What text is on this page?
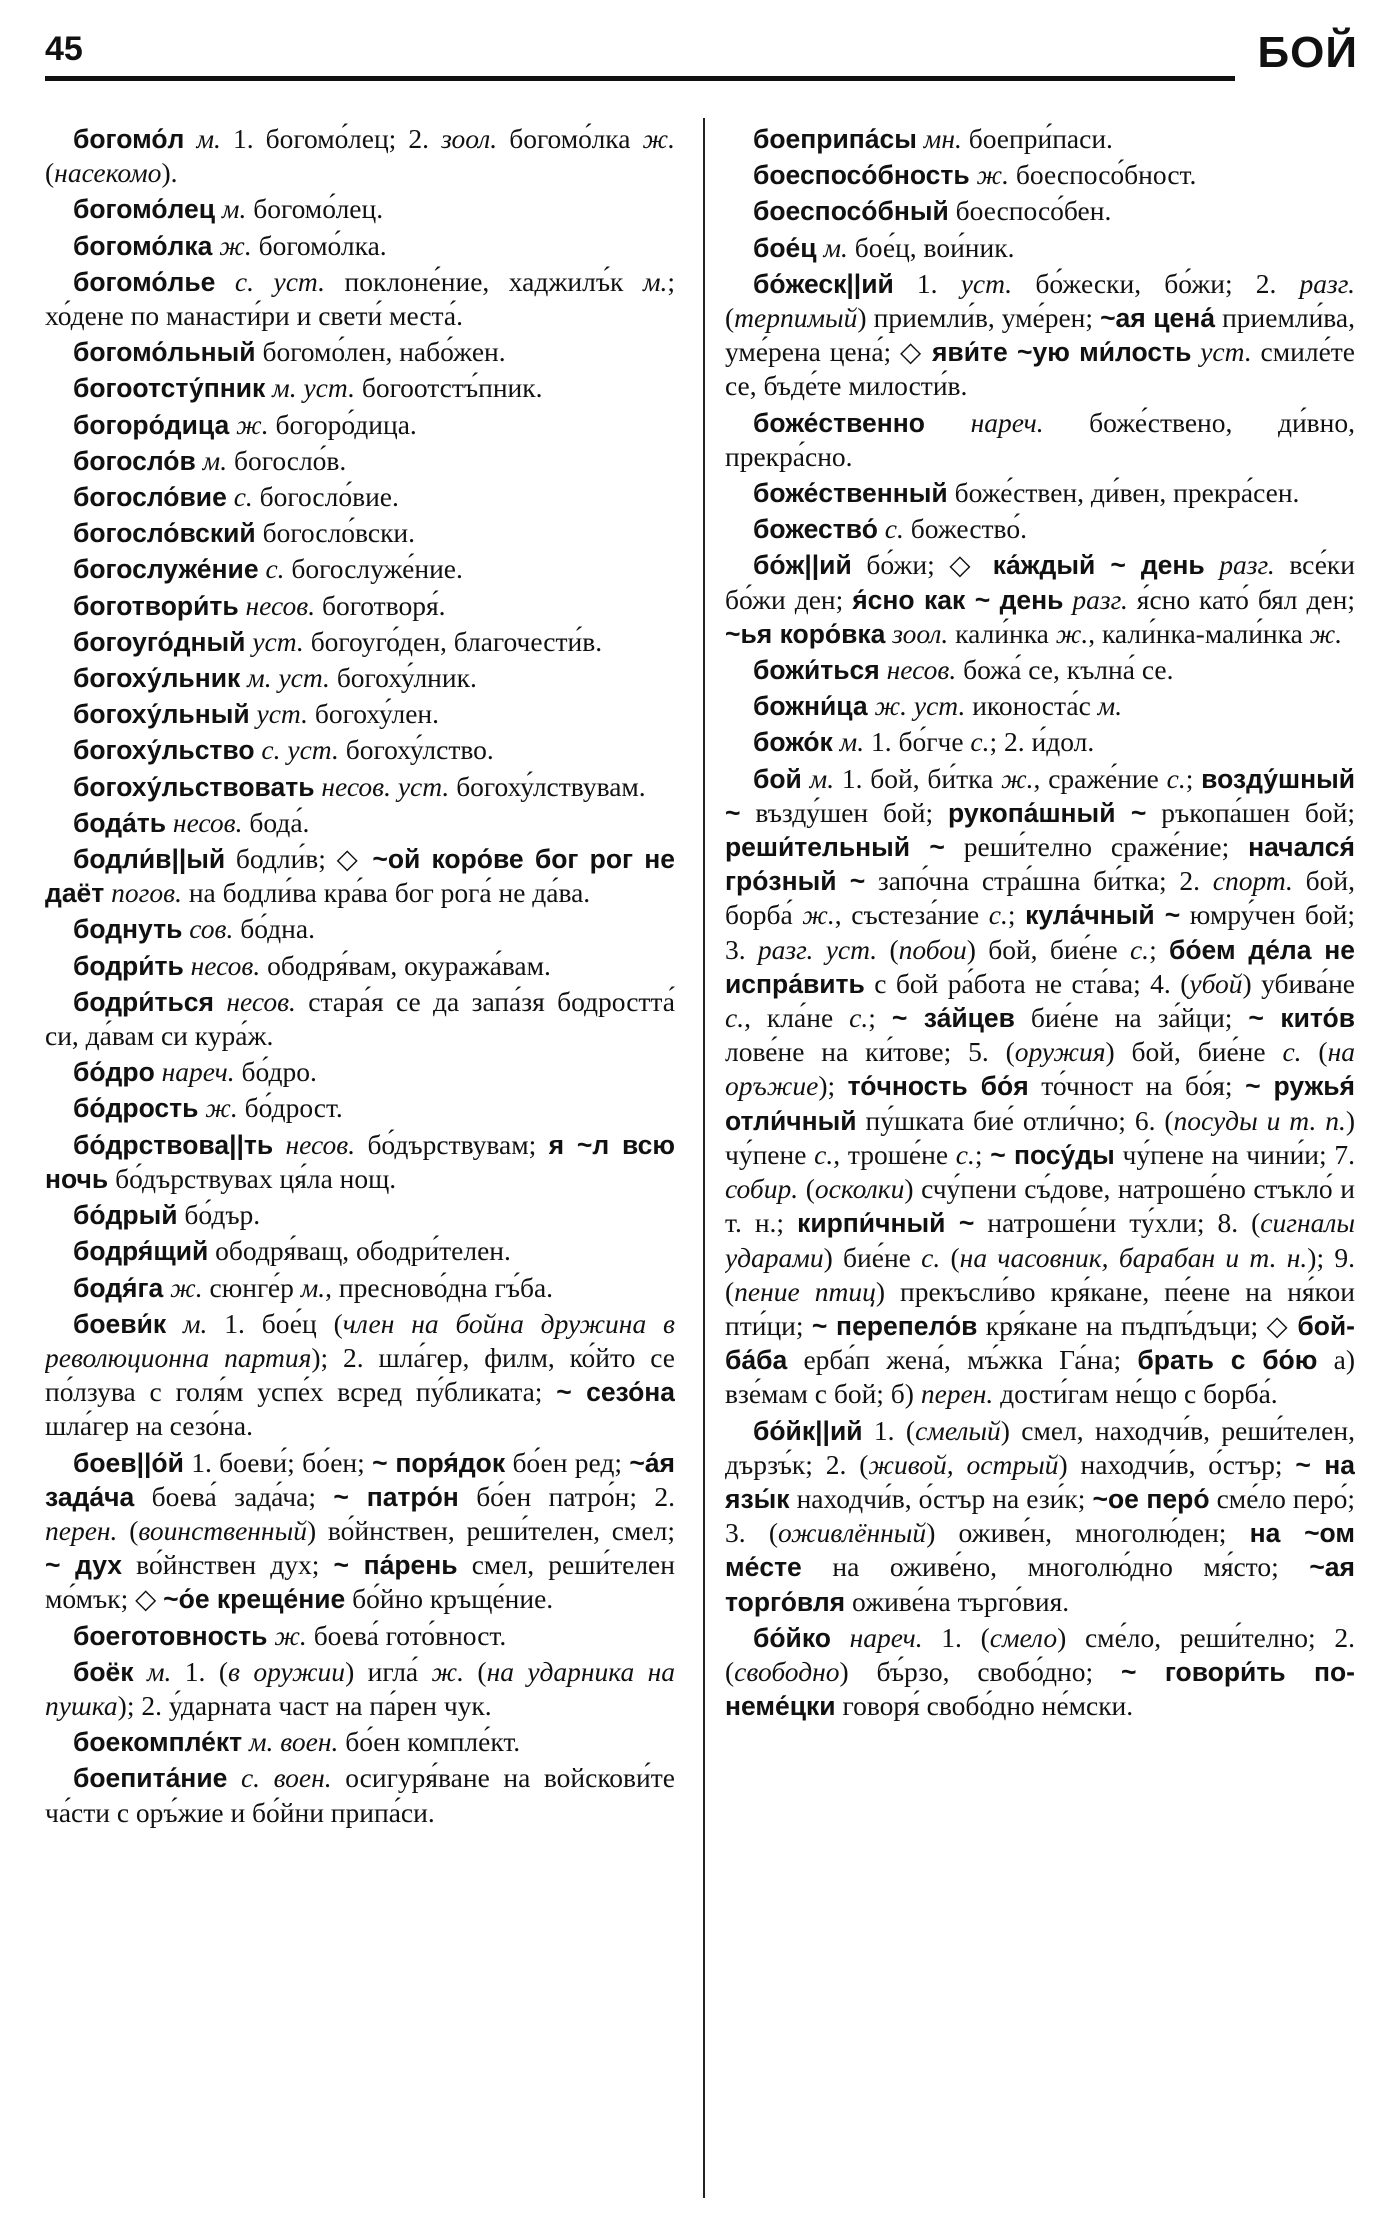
45	БОЙ

богомо́л м. 1. богомо́лец; 2. зоол. богомо́лка ж. (насекомо).

богомо́лец м. богомо́лец.

богомо́лка ж. богомо́лка.

богомо́лье с. уст. поклоне́ние, хаджилъ́к м.; хо́дене по манасти́ри и свети́ места́.

богомо́льный богомо́лен, набо́жен.

богоотсту́пник м. уст. богоотстъ́пник.

богоро́дица ж. богоро́дица.

богосло́в м. богосло́в.

богосло́вие с. богосло́вие.

богосло́вский богосло́вски.

богослуже́ние с. богослуже́ние.

боготвори́ть несов. боготворя́.

богоуго́дный уст. богоуго́ден, благочести́в.

богоху́льник м. уст. богоху́лник.

богоху́льный уст. богоху́лен.

богоху́льство с. уст. богоху́лство.

богоху́льствовать несов. уст. богоху́лствувам.

бода́ть несов. бода́.

бодли́в||ый бодли́в; ◇ ~ой коро́ве бог рог не даёт погов. на бодли́ва кра́ва бог рога́ не да́ва.

боднуть сов. бо́дна.

бодри́ть несов. ободря́вам, окуража́вам.

бодри́ться несов. стара́я се да запа́зя бодростта́ си, да́вам си кура́ж.

бо́дро нареч. бо́дро.

бо́дрость ж. бо́дрост.

бо́дрствова||ть несов. бо́дърствувам; я ~л всю ночь бо́дърствувах ця́ла нощ.

бо́дрый бо́дър.

бодря́щий ободря́ващ, ободри́телен.

бодя́га ж. сюнге́р м., пресново́дна гъ́ба.

боеви́к м. 1. бое́ц (член на бойна дружина в революционна партия); 2. шла́гер, филм, ко́йто се по́лзува с голя́м успе́х вcред пу́бликата; ~ сезо́на шла́гер на сезо́на.

боев||о́й 1. боеви́; бо́ен; ~ поря́док бо́ен ред; ~а́я зада́ча боева́ зада́ча; ~ патро́н бо́ен патро́н; 2. перен. (воинственный) во́йнствен, реши́телен, смел; ~ дух во́йнствен дух; ~ па́рень смел, реши́телен мо́мък; ◇ ~о́е креще́ние бо́йно кръще́ние.

боеготовность ж. боева́ гото́вност.

боёк м. 1. (в оружии) игла́ ж. (на ударника на пушка); 2. у́дарната част на па́рен чук.

боекомпле́кт м. воен. бо́ен компле́кт.

боепита́ние с. воен. осигуря́ване на войскови́те ча́сти с оръ́жие и бо́йни припа́си.

боеприпа́сы мн. боепри́паси.

боеспосо́бность ж. боеспосо́бност.

боеспосо́бный боеспосо́бен.

бое́ц м. бое́ц, вои́ник.

бо́жеск||ий 1. уст. бо́жески, бо́жи; 2. разг. (терпимый) приемли́в, уме́рен; ~ая цена́ приемли́ва, уме́рена цена́; ◇ яви́те ~ую ми́лость уст. смиле́те се, бъде́те милости́в.

боже́ственно нареч. боже́ствено, ди́вно, прекра́сно.

боже́ственный боже́ствен, ди́вен, прекра́сен.

божество́ с. божество́.

бо́ж||ий бо́жи; ◇ ка́ждый ~ день разг. все́ки бо́жи ден; я́сно как ~ день разг. я́сно като́ бял ден; ~ья коро́вка зоол. кали́нка ж., кали́нка-мали́нка ж.

божи́ться несов. божа́ се, кълна́ се.

божни́ца ж. уст. иконоста́с м.

божо́к м. 1. бо́гче с.; 2. и́дол.

бой м. 1. бой, би́тка ж., сраже́ние с.; возду́шный ~ възду́шен бой; рукопа́шный ~ ръкопа́шен бой; реши́тельный ~ реши́телно сраже́ние; начался́ гро́зный ~ запо́чна стра́шна би́тка; 2. спорт. бой, борба́ ж., състеза́ние с.; кула́чный ~ юмру́чен бой; 3. разг. уст. (побои) бой, бие́не с.; бо́ем де́ла не испра́вить с бой ра́бота не ста́ва; 4. (убой) убива́не с., кла́не с.; ~ за́йцев бие́не на за́йци; ~ кито́в лове́не на ки́тове; 5. (оружия) бой, бие́не с. (на оръжие); то́чность бо́я то́чност на бо́я; ~ ружья́ отли́чный пу́шката бие́ отли́чно; 6. (посуды и т. п.) чу́пене с., троше́не с.; ~ посу́ды чу́пене на чини́и; 7. собир. (осколки) счу́пени съ́дове, натроше́но стъкло́ и т. н.; кирпи́чный ~ натроше́ни ту́хли; 8. (сигналы ударами) бие́не с. (на часовник, барабан и т. н.); 9. (пение птиц) прекъсли́во кря́кане, пе́ене на ня́кои пти́ци; ~ перепело́в кря́кане на пъдпъ́дъци; ◇ бой-ба́ба ерба́п жена́, мъ́жка Га́на; брать с бо́ю а) взе́мам с бой; б) перен. дости́гам не́що с борба́.

бо́йк||ий 1. (смелый) смел, находчи́в, реши́телен, дързъ́к; 2. (живой, острый) находчи́в, о́стър; ~ на язы́к находчи́в, о́стър на ези́к; ~ое перо́ сме́ло перо́; 3. (оживлённый) оживе́н, многолю́ден; на ~ом ме́сте на оживе́но, многолю́дно мя́сто; ~ая торго́вля оживе́на търго́вия.

бо́йко нареч. 1. (смело) сме́ло, реши́телно; 2. (свободно) бъ́рзо, свобо́дно; ~ говори́ть по-неме́цки говоря́ свобо́дно не́мски.
